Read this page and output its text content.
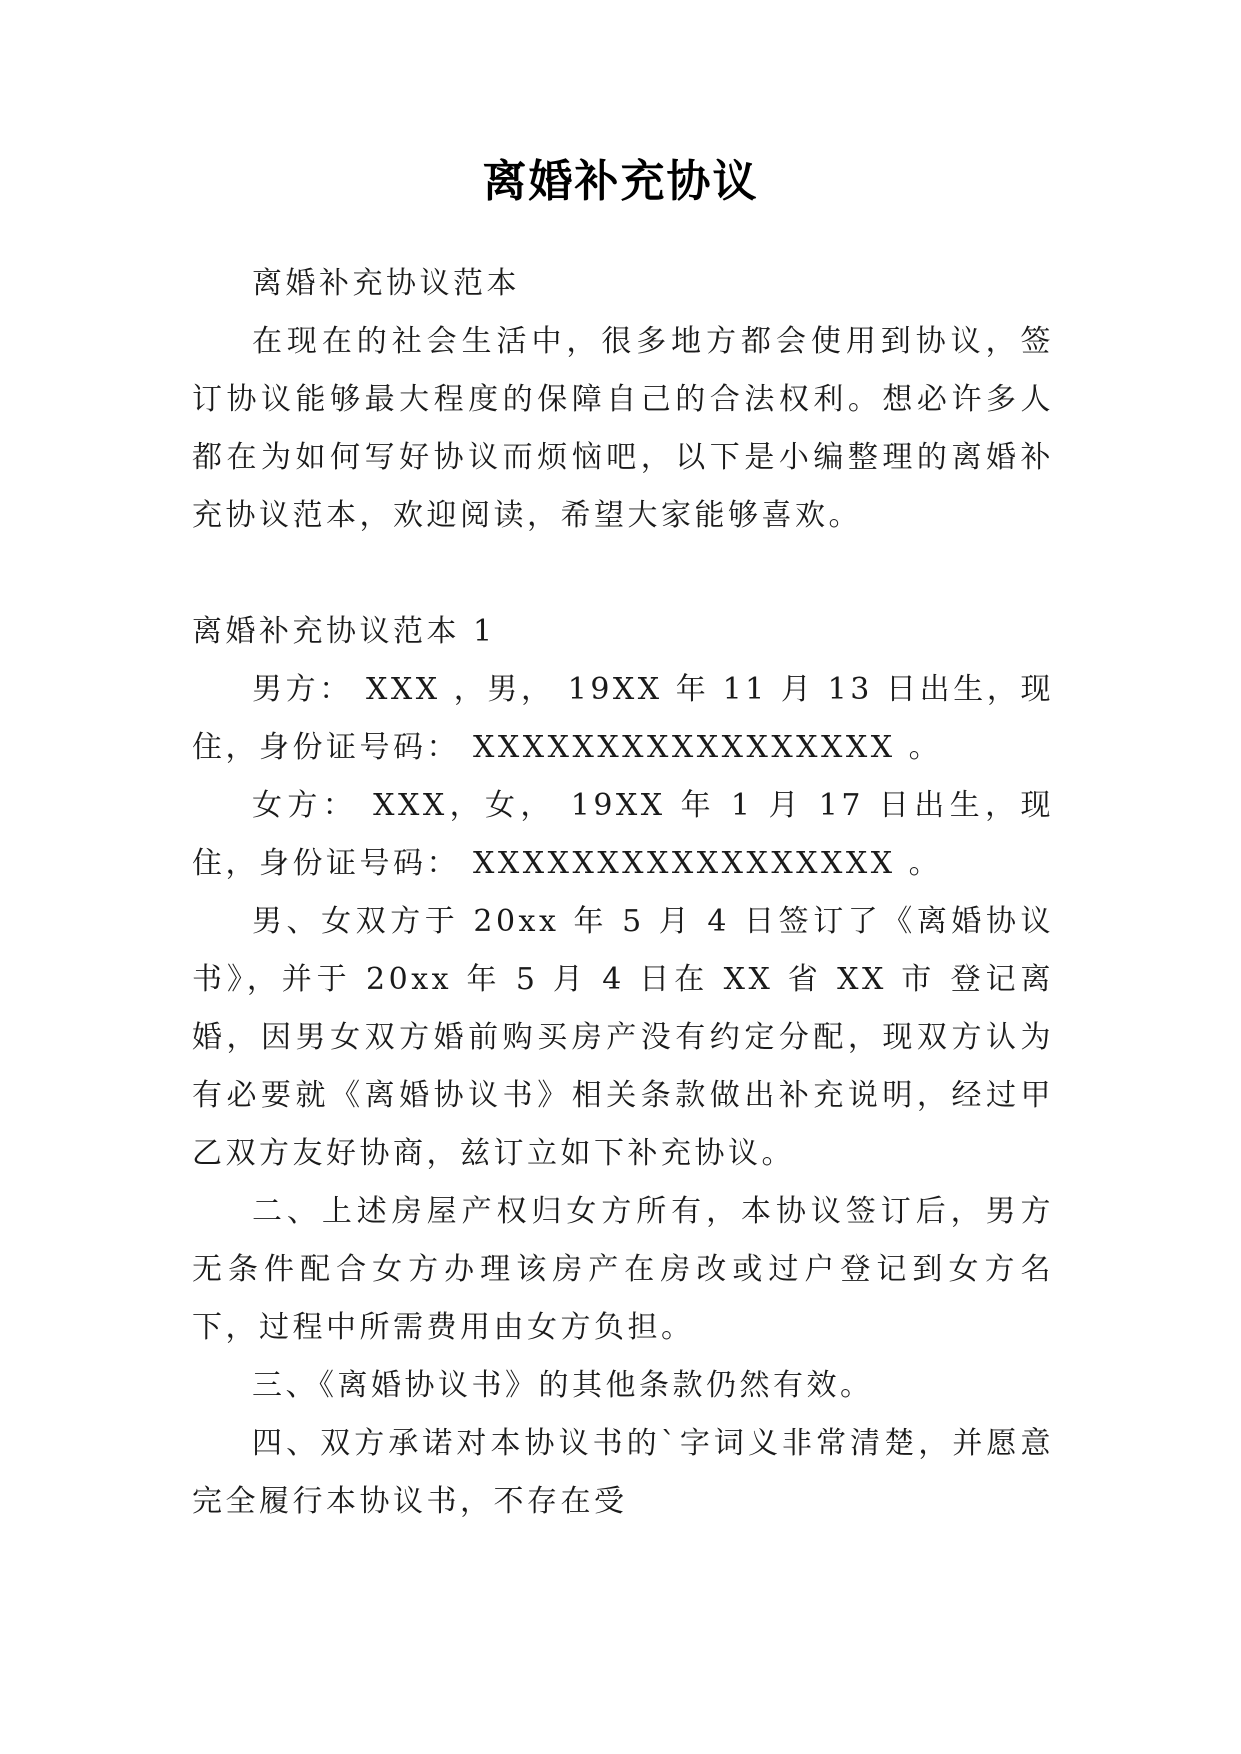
离婚补充协议

离婚补充协议范本

在现在的社会生活中，很多地方都会使用到协议，签订协议能够最大程度的保障自己的合法权利。想必许多人都在为如何写好协议而烦恼吧，以下是小编整理的离婚补充协议范本，欢迎阅读，希望大家能够喜欢。

离婚补充协议范本 1

男方： XXX ，男， 19XX 年 11 月 13 日出生，现住，身份证号码： XXXXXXXXXXXXXXXXX 。

女方： XXX，女， 19XX 年 1 月 17 日出生，现住，身份证号码： XXXXXXXXXXXXXXXXX 。

男、女双方于 20xx 年 5 月 4 日签订了《离婚协议书》，并于 20xx 年 5 月 4 日在 XX 省 XX 市 登记离婚，因男女双方婚前购买房产没有约定分配，现双方认为有必要就《离婚协议书》相关条款做出补充说明，经过甲乙双方友好协商，兹订立如下补充协议。

二、上述房屋产权归女方所有，本协议签订后，男方无条件配合女方办理该房产在房改或过户登记到女方名下，过程中所需费用由女方负担。

三、《离婚协议书》的其他条款仍然有效。

四、双方承诺对本协议书的`字词义非常清楚，并愿意完全履行本协议书，不存在受
